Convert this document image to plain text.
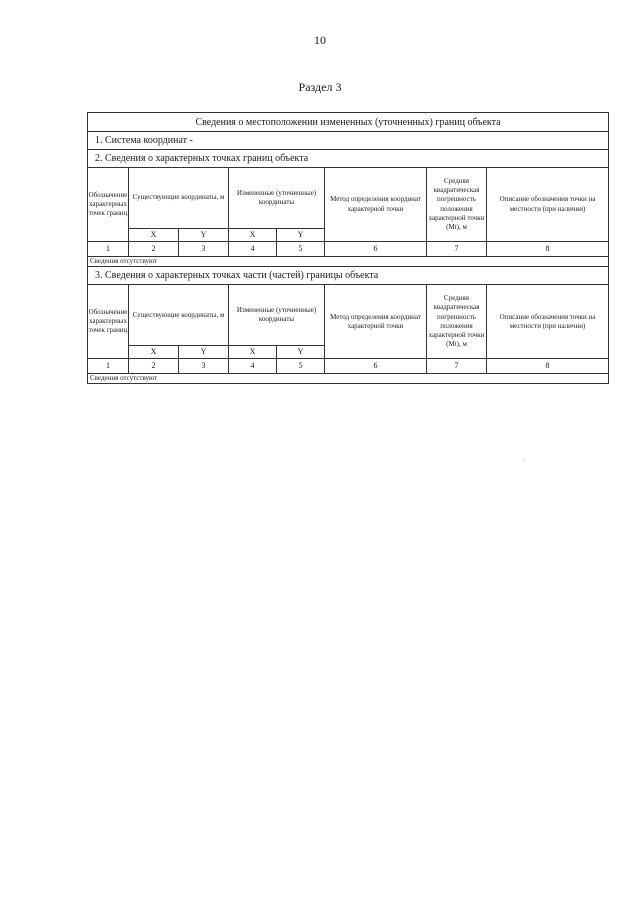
10
Раздел 3
Сведения о местоположении измененных (уточненных) границ объекта							
1. Система координат -							
2. Сведения о характерных точках границ объекта							
Обозначение характерных точек границ	Существующие координаты, м		Измененные (уточненные) координаты		Метод определения координат характерной точки	Средняя квадратическая погрешность положения характерной точки (Mt), м	Описание обозначения точки на местности (при наличии)
	X	Y	X	Y			
1	2	3	4	5	6	7	8
Сведения отсутствуют							
3. Сведения о характерных точках части (частей) границы объекта							
Обозначение характерных точек границ	Существующие координаты, м		Измененные (уточненные) координаты		Метод определения координат характерной точки	Средняя квадратическая погрешность положения характерной точки (Mt), м	Описание обозначения точки на местности (при наличии)
	X	Y	X	Y			
1	2	3	4	5	6	7	8
Сведения отсутствуют							
